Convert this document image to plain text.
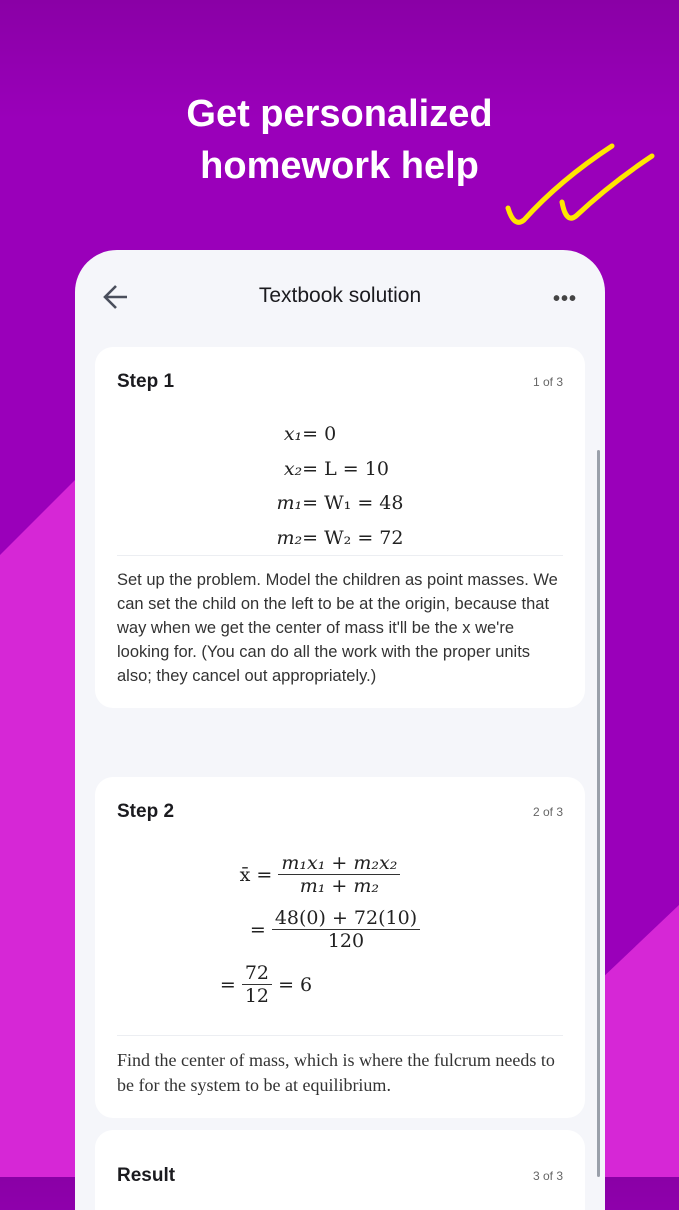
Get personalized
homework help
Textbook solution	•••
Step 1	1 of 3
x₁ = 0
x₂ = L = 10
m₁ = W₁ = 48
m₂ = W₂ = 72
Set up the problem. Model the children as point masses. We can set the child on the left to be at the origin, because that way when we get the center of mass it'll be the x we're looking for. (You can do all the work with the proper units also; they cancel out appropriately.)
Step 2	2 of 3
x̄ =
$\frac{\text{m₁x₁ + m₂x₂}}{\text{m₁ + m₂}}$
=
$\frac{48(0) + 72(10)}{120}$
=
$\frac{72}{12}$
= 6
Find the center of mass, which is where the fulcrum needs to be for the system to be at equilibrium.
Result	3 of 3
